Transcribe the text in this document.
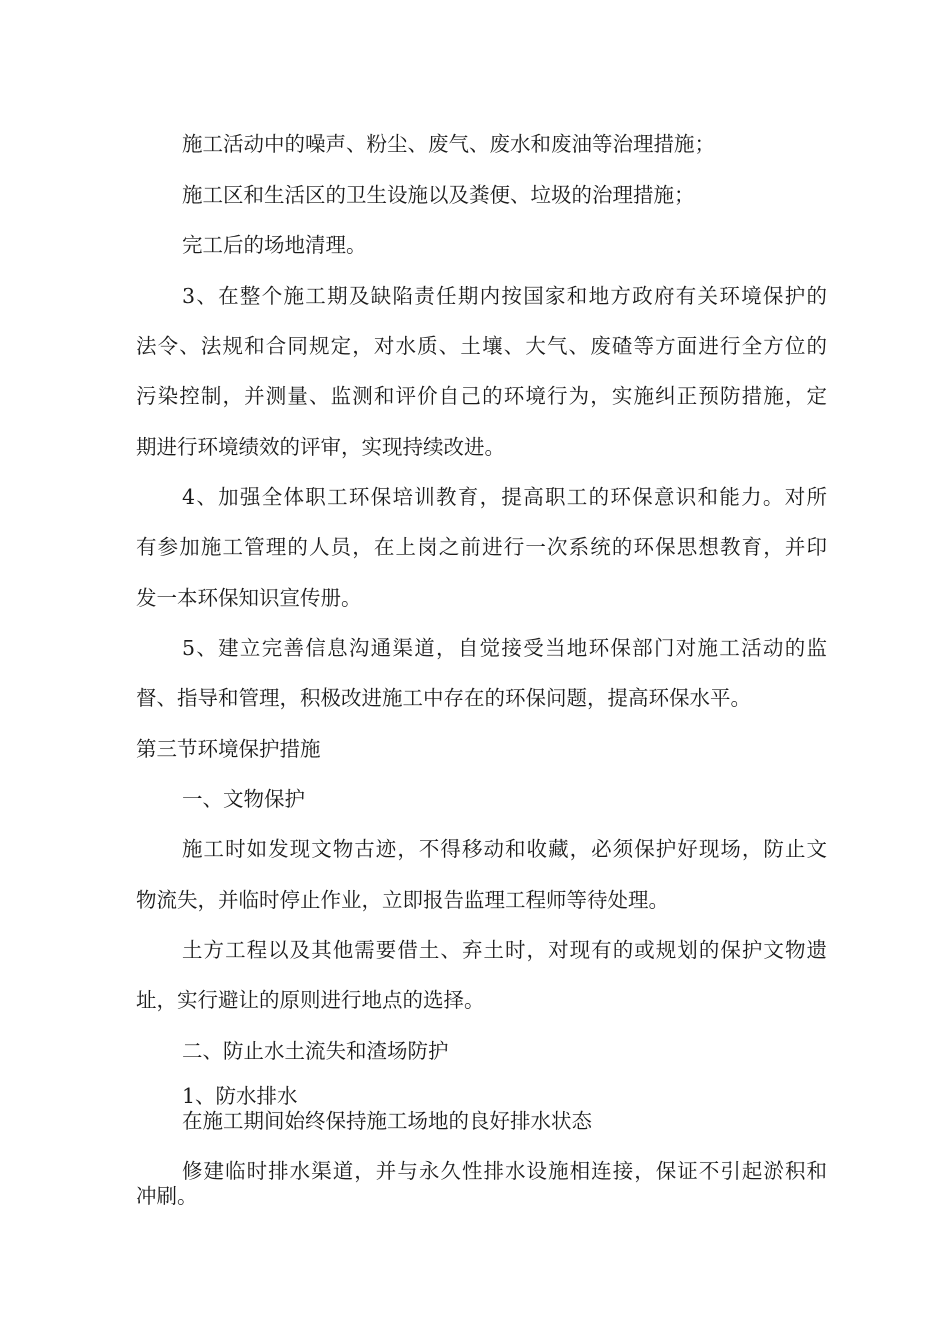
施工活动中的噪声、粉尘、废气、废水和废油等治理措施；
施工区和生活区的卫生设施以及粪便、垃圾的治理措施；
完工后的场地清理。
3、在整个施工期及缺陷责任期内按国家和地方政府有关环境保护的
法令、法规和合同规定，对水质、土壤、大气、废碴等方面进行全方位的
污染控制，并测量、监测和评价自己的环境行为，实施纠正预防措施，定
期进行环境绩效的评审，实现持续改进。
4、加强全体职工环保培训教育，提高职工的环保意识和能力。对所
有参加施工管理的人员，在上岗之前进行一次系统的环保思想教育，并印
发一本环保知识宣传册。
5、建立完善信息沟通渠道，自觉接受当地环保部门对施工活动的监
督、指导和管理，积极改进施工中存在的环保问题，提高环保水平。
第三节环境保护措施
一、文物保护
施工时如发现文物古迹，不得移动和收藏，必须保护好现场，防止文
物流失，并临时停止作业，立即报告监理工程师等待处理。
土方工程以及其他需要借土、弃土时，对现有的或规划的保护文物遗
址，实行避让的原则进行地点的选择。
二、防止水土流失和渣场防护
1、防水排水
在施工期间始终保持施工场地的良好排水状态
修建临时排水渠道，并与永久性排水设施相连接，保证不引起淤积和
冲刷。
